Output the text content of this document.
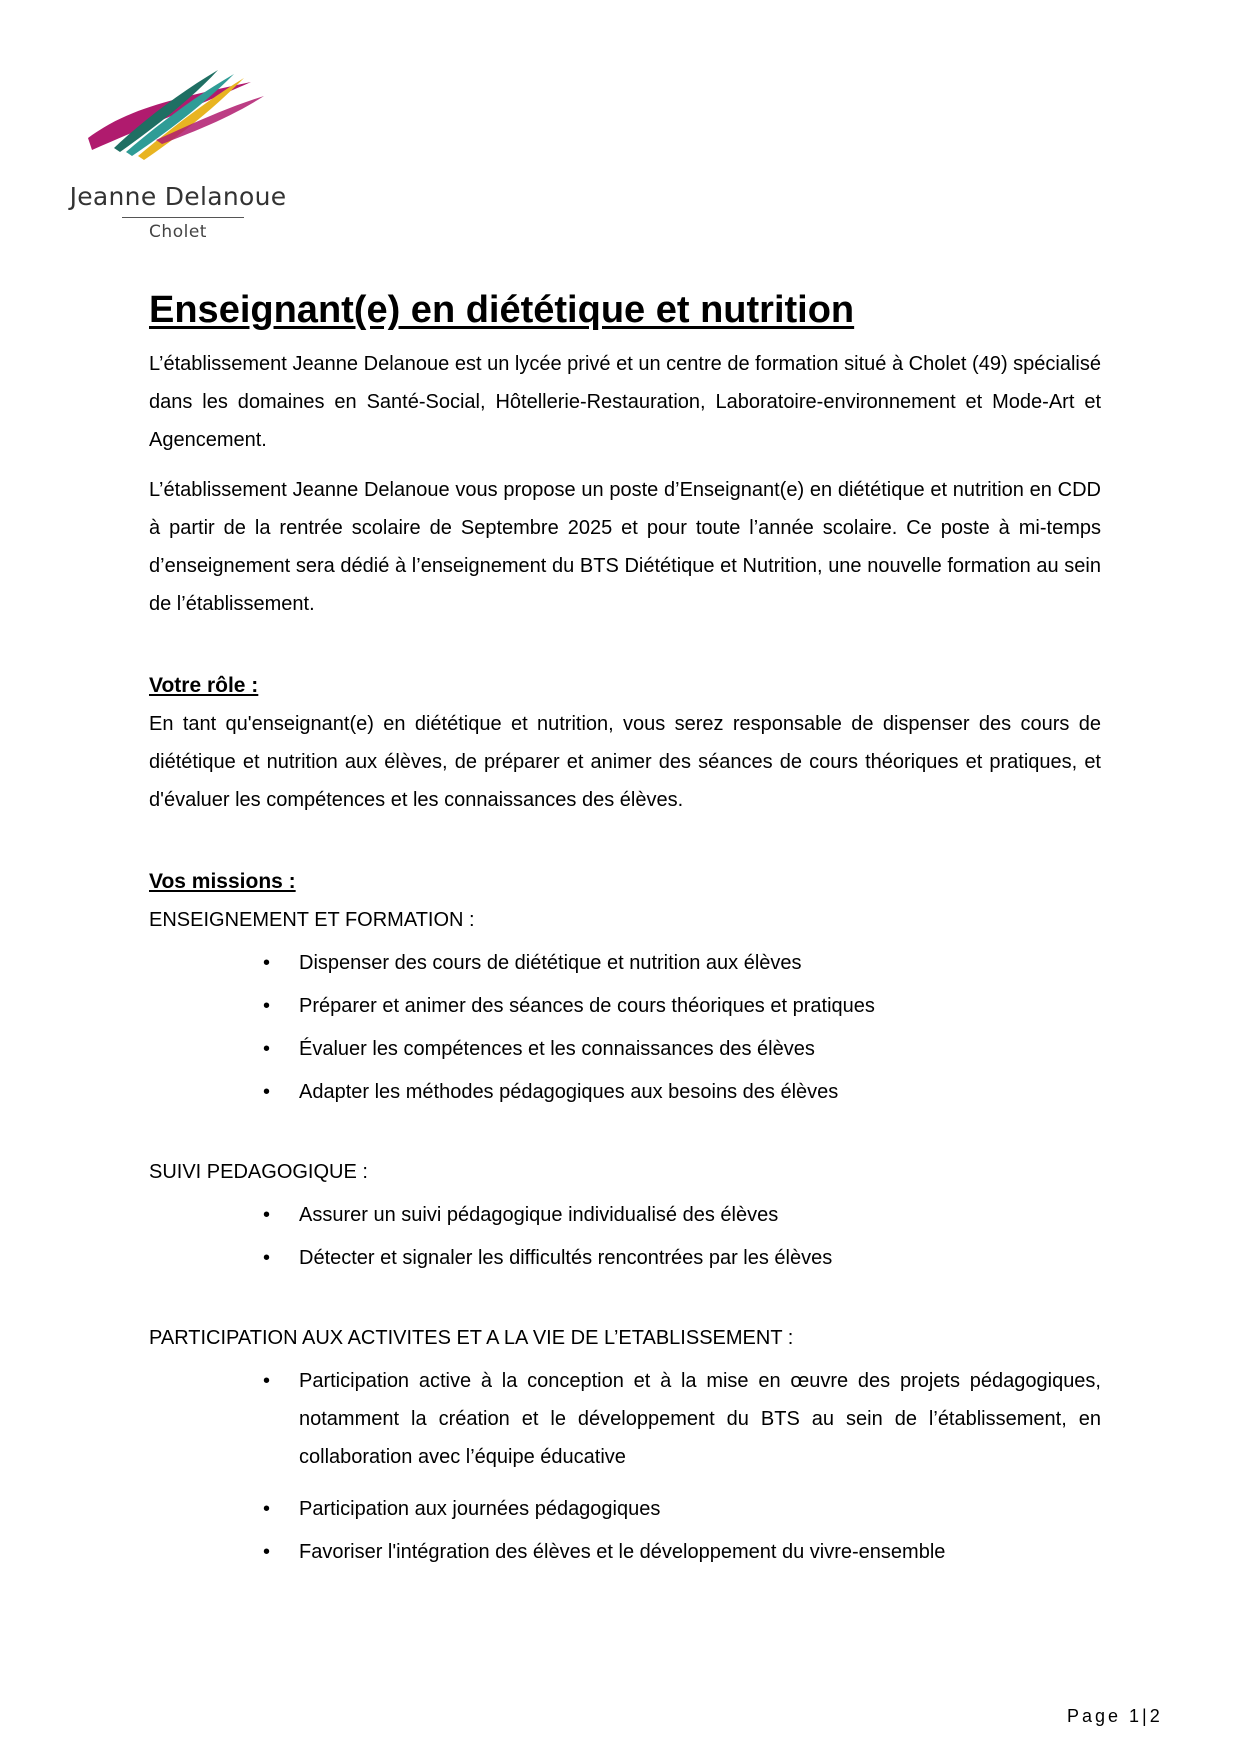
Jeanne Delanoue
Cholet
Enseignant(e) en diététique et nutrition

L’établissement Jeanne Delanoue est un lycée privé et un centre de formation situé à Cholet (49) spécialisé dans les domaines en Santé-Social, Hôtellerie-Restauration, Laboratoire-environnement et Mode-Art et Agencement.

L’établissement Jeanne Delanoue vous propose un poste d’Enseignant(e) en diététique et nutrition en CDD à partir de la rentrée scolaire de Septembre 2025 et pour toute l’année scolaire. Ce poste à mi-temps d’enseignement sera dédié à l’enseignement du BTS Diététique et Nutrition, une nouvelle formation au sein de l’établissement.

Votre rôle :

En tant qu'enseignant(e) en diététique et nutrition, vous serez responsable de dispenser des cours de diététique et nutrition aux élèves, de préparer et animer des séances de cours théoriques et pratiques, et d'évaluer les compétences et les connaissances des élèves.

Vos missions :
ENSEIGNEMENT ET FORMATION :
• Dispenser des cours de diététique et nutrition aux élèves
• Préparer et animer des séances de cours théoriques et pratiques
• Évaluer les compétences et les connaissances des élèves
• Adapter les méthodes pédagogiques aux besoins des élèves
SUIVI PEDAGOGIQUE :
• Assurer un suivi pédagogique individualisé des élèves
• Détecter et signaler les difficultés rencontrées par les élèves
PARTICIPATION AUX ACTIVITES ET A LA VIE DE L’ETABLISSEMENT :
• Participation active à la conception et à la mise en œuvre des projets pédagogiques, notamment la création et le développement du BTS au sein de l’établissement, en collaboration avec l’équipe éducative
• Participation aux journées pédagogiques
• Favoriser l'intégration des élèves et le développement du vivre-ensemble
Page 1|2
